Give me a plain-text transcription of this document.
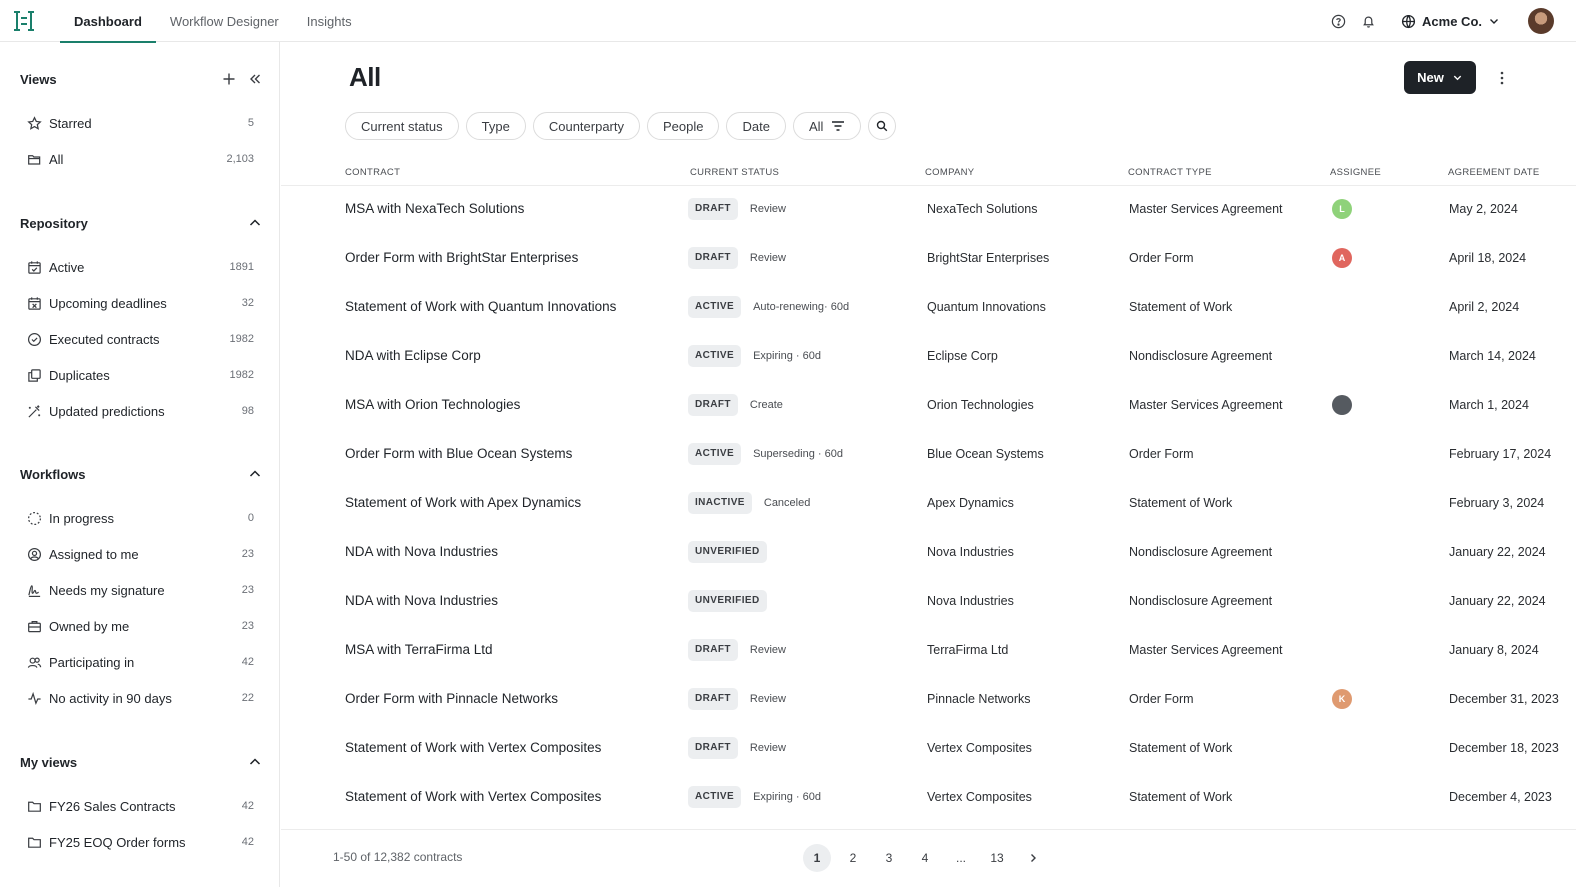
Dashboard	Workflow Designer	Insights	Acme Co.
Views
Starred	5
All	2,103
Repository
Active	1891
Upcoming deadlines	32
Executed contracts	1982
Duplicates	1982
Updated predictions	98
Workflows
In progress	0
Assigned to me	23
Needs my signature	23
Owned by me	23
Participating in	42
No activity in 90 days	22
My views
FY26 Sales Contracts	42
FY25 EOQ Order forms	42
All	New
Current status	Type	Counterparty	People	Date	All
CONTRACT	CURRENT STATUS	COMPANY	CONTRACT TYPE	ASSIGNEE	AGREEMENT DATE
MSA with NexaTech Solutions	DRAFT	Review	NexaTech Solutions	Master Services Agreement	L	May 2, 2024
Order Form with BrightStar Enterprises	DRAFT	Review	BrightStar Enterprises	Order Form	A	April 18, 2024
Statement of Work with Quantum Innovations	ACTIVE	Auto-renewing· 60d	Quantum Innovations	Statement of Work	April 2, 2024
NDA with Eclipse Corp	ACTIVE	Expiring · 60d	Eclipse Corp	Nondisclosure Agreement	March 14, 2024
MSA with Orion Technologies	DRAFT	Create	Orion Technologies	Master Services Agreement	March 1, 2024
Order Form with Blue Ocean Systems	ACTIVE	Superseding · 60d	Blue Ocean Systems	Order Form	February 17, 2024
Statement of Work with Apex Dynamics	INACTIVE	Canceled	Apex Dynamics	Statement of Work	February 3, 2024
NDA with Nova Industries	UNVERIFIED	Nova Industries	Nondisclosure Agreement	January 22, 2024
NDA with Nova Industries	UNVERIFIED	Nova Industries	Nondisclosure Agreement	January 22, 2024
MSA with TerraFirma Ltd	DRAFT	Review	TerraFirma Ltd	Master Services Agreement	January 8, 2024
Order Form with Pinnacle Networks	DRAFT	Review	Pinnacle Networks	Order Form	K	December 31, 2023
Statement of Work with Vertex Composites	DRAFT	Review	Vertex Composites	Statement of Work	December 18, 2023
Statement of Work with Vertex Composites	ACTIVE	Expiring · 60d	Vertex Composites	Statement of Work	December 4, 2023
1-50 of 12,382 contracts	1	2	3	4	...	13
